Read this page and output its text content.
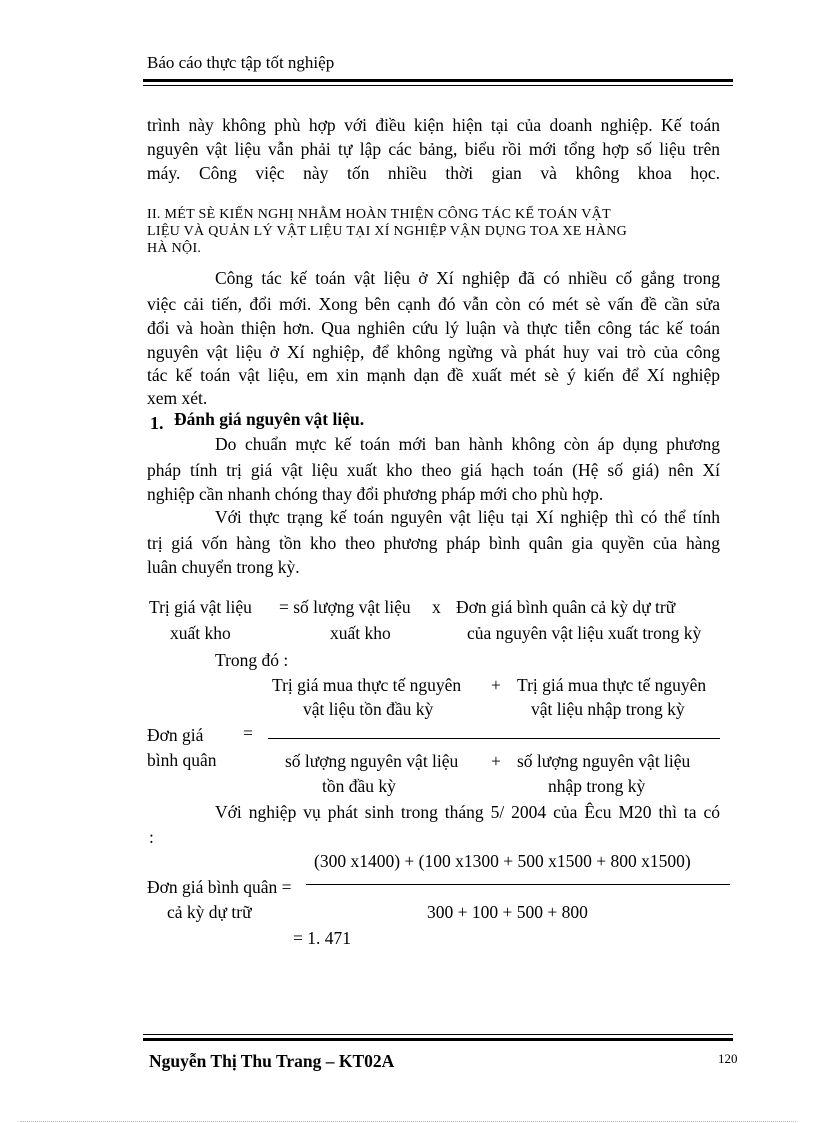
Báo cáo thực tập tốt nghiệp
trình này không phù hợp với điều kiện hiện tại của doanh nghiệp. Kế toán
nguyên vật liệu vẫn phải tự lập các bảng, biểu rồi mới tổng hợp số liệu trên
máy. Công việc này tốn nhiều thời gian và không khoa học.
II. MÉT SÈ KIẾN NGHỊ NHẰM HOÀN THIỆN CÔNG TÁC KẾ TOÁN VẬT
LIỆU VÀ QUẢN LÝ VẬT LIỆU TẠI XÍ NGHIỆP VẬN DỤNG TOA XE HÀNG
HÀ NỘI.
Công tác kế toán vật liệu ở Xí nghiệp đã có nhiều cố gắng trong
việc cải tiến, đổi mới. Xong bên cạnh đó vẫn còn có mét sè vấn đề cần sửa
đổi và hoàn thiện hơn. Qua nghiên cứu lý luận và thực tiễn công tác kế toán
nguyên vật liệu ở Xí nghiệp, để không ngừng và phát huy vai trò của công
tác kế toán vật liệu, em xin mạnh dạn đề xuất mét sè ý kiến để Xí nghiệp
xem xét.
1. Đánh giá nguyên vật liệu.
Do chuẩn mực kế toán mới ban hành không còn áp dụng phương
pháp tính trị giá vật liệu xuất kho theo giá hạch toán (Hệ số giá) nên Xí
nghiệp cần nhanh chóng thay đổi phương pháp mới cho phù hợp.
Với thực trạng kế toán nguyên vật liệu tại Xí nghiệp thì có thể tính
trị giá vốn hàng tồn kho theo phương pháp bình quân gia quyền của hàng
luân chuyển trong kỳ.
Trị giá vật liệu
xuất kho
= số lượng vật liệu
xuất kho
x Đơn giá bình quân cả kỳ dự trữ
của nguyên vật liệu xuất trong kỳ
Trong đó :
Trị giá mua thực tế nguyên
vật liệu tồn đầu kỳ
+ Trị giá mua thực tế nguyên
vật liệu nhập trong kỳ
Đơn giá =
bình quân	số lượng nguyên vật liệu
tồn đầu kỳ
+ số lượng nguyên vật liệu
nhập trong kỳ
Với nghiệp vụ phát sinh trong tháng 5/ 2004 của Êcu M20 thì ta có
:
(300 x1400) + (100 x1300 + 500 x1500 + 800 x1500)
Đơn giá bình quân =
cả kỳ dự trữ	300 + 100 + 500 + 800
= 1. 471
Nguyễn Thị Thu Trang – KT02A	120
